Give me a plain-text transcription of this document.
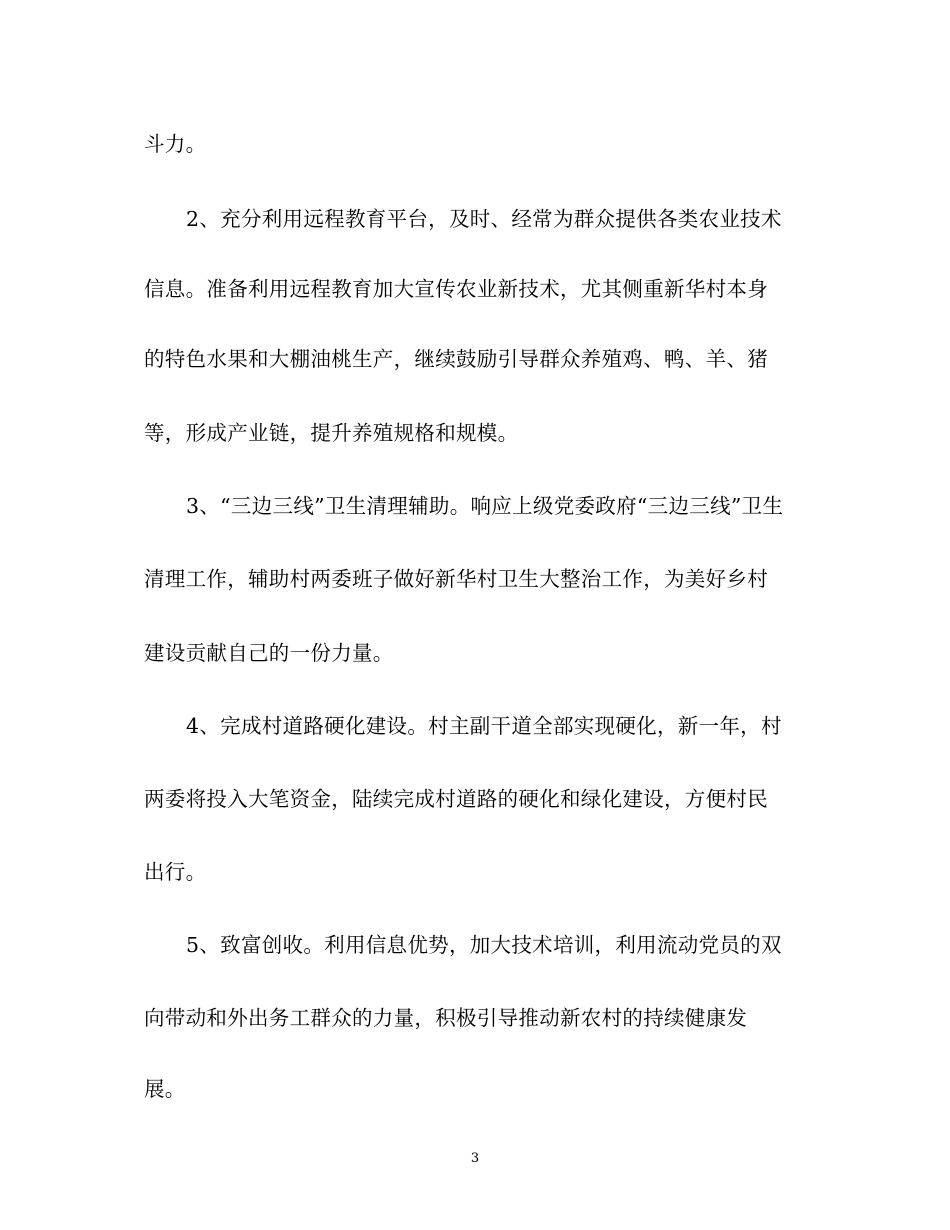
斗力。
2、充分利用远程教育平台，及时、经常为群众提供各类农业技术
信息。准备利用远程教育加大宣传农业新技术，尤其侧重新华村本身
的特色水果和大棚油桃生产，继续鼓励引导群众养殖鸡、鸭、羊、猪
等，形成产业链，提升养殖规格和规模。
3、“三边三线”卫生清理辅助。响应上级党委政府“三边三线”卫生
清理工作，辅助村两委班子做好新华村卫生大整治工作，为美好乡村
建设贡献自己的一份力量。
4、完成村道路硬化建设。村主副干道全部实现硬化，新一年，村
两委将投入大笔资金，陆续完成村道路的硬化和绿化建设，方便村民
出行。
5、致富创收。利用信息优势，加大技术培训，利用流动党员的双
向带动和外出务工群众的力量，积极引导推动新农村的持续健康发
展。
3
